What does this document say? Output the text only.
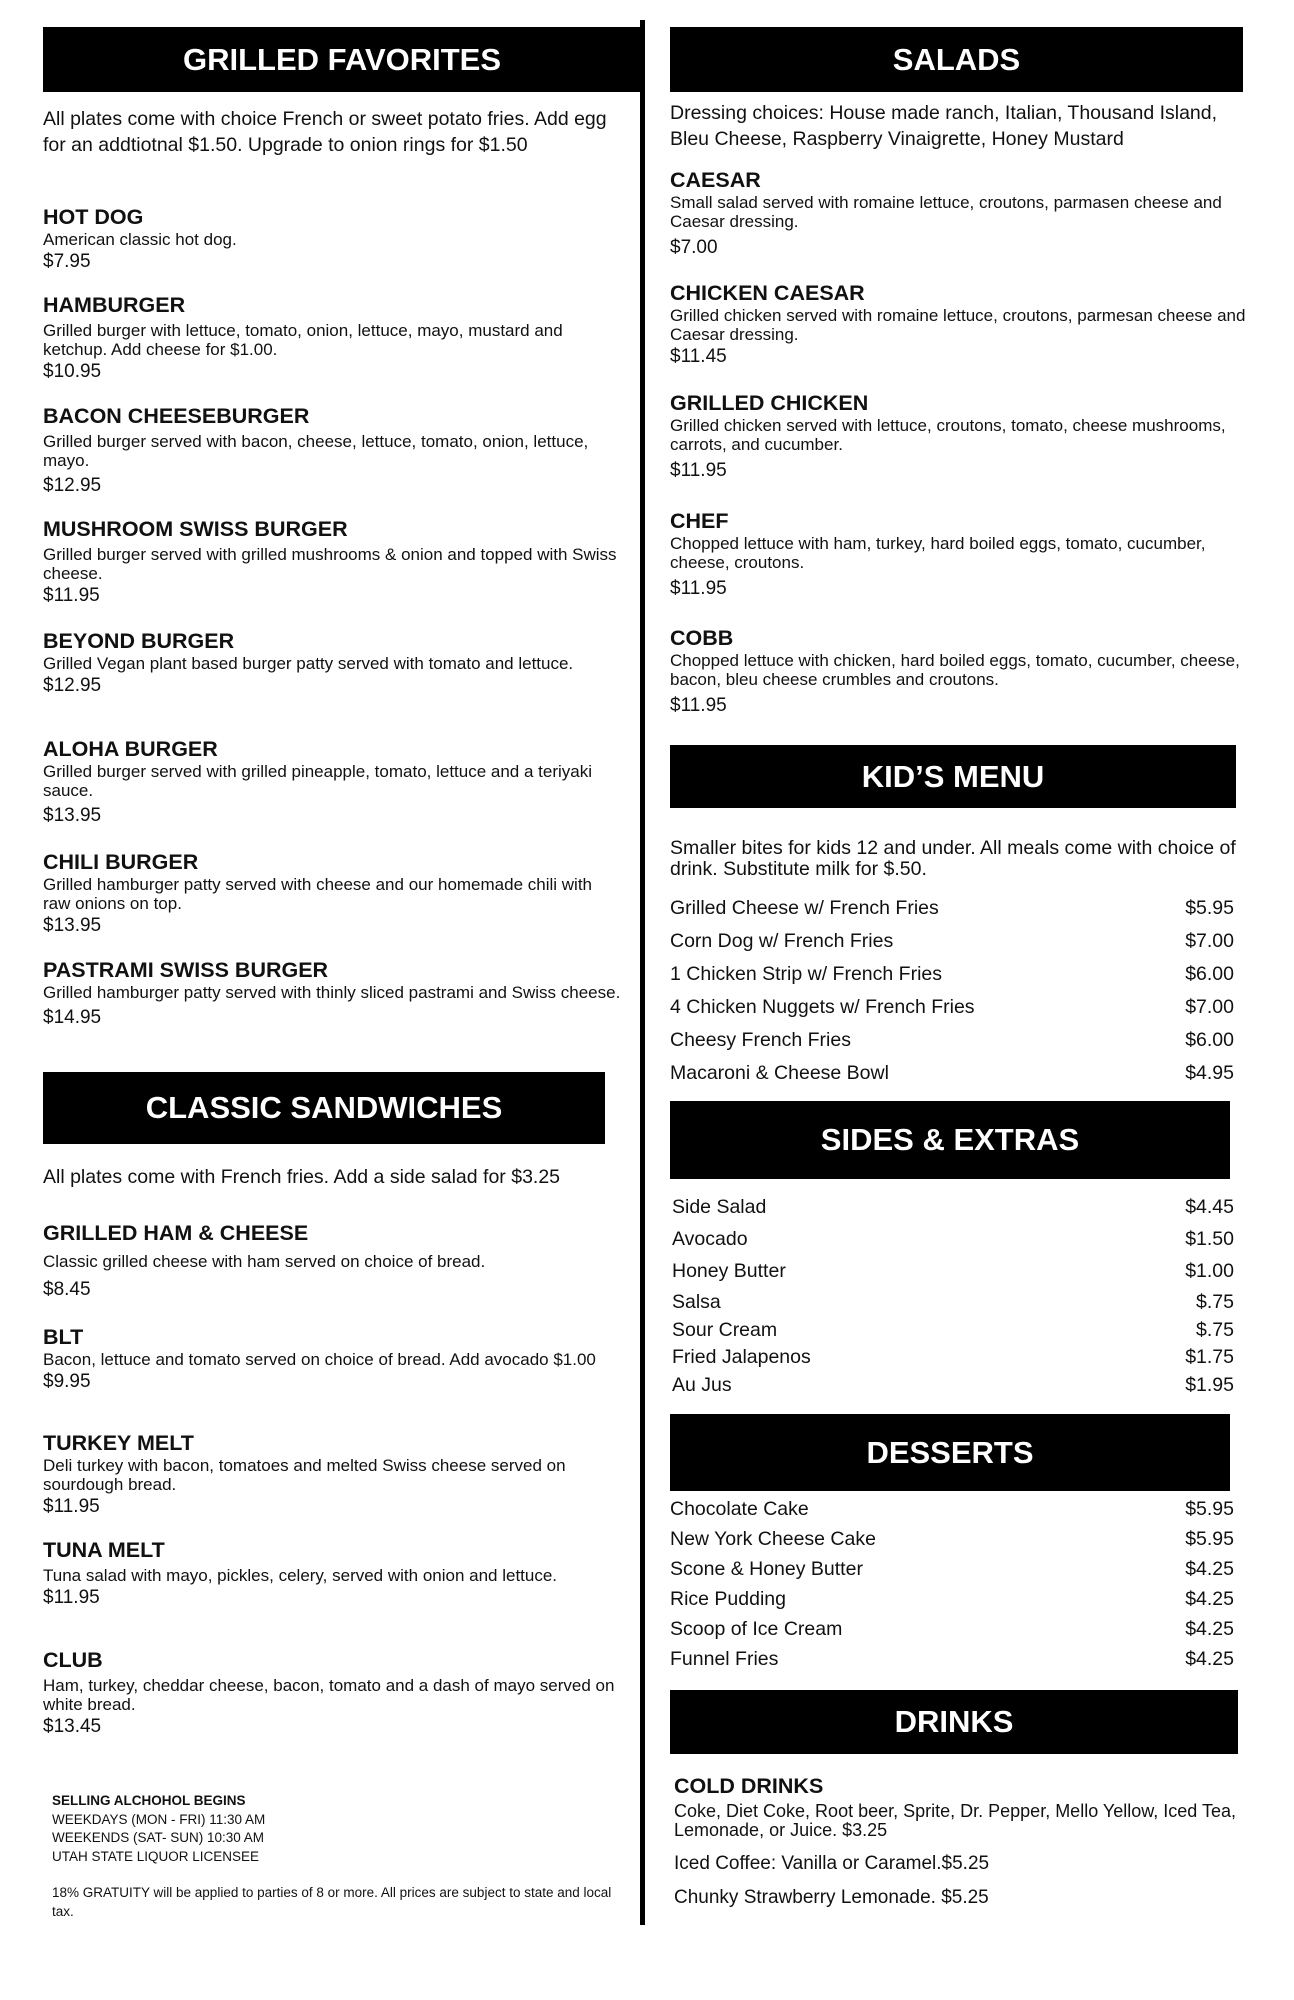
GRILLED FAVORITES
All plates come with choice French or sweet potato fries. Add egg for an addtiotnal $1.50. Upgrade to onion rings for $1.50
HOT DOG
American classic hot dog.
$7.95
HAMBURGER
Grilled burger with lettuce, tomato, onion, lettuce, mayo, mustard and ketchup. Add cheese for $1.00.
$10.95
BACON CHEESEBURGER
Grilled burger served with bacon, cheese, lettuce, tomato, onion, lettuce, mayo.
$12.95
MUSHROOM SWISS BURGER
Grilled burger served with grilled mushrooms & onion and topped with Swiss cheese.
$11.95
BEYOND BURGER
Grilled Vegan plant based burger patty served with tomato and lettuce.
$12.95
ALOHA BURGER
Grilled burger served with grilled pineapple, tomato, lettuce and a teriyaki sauce.
$13.95
CHILI BURGER
Grilled hamburger patty served with cheese and our homemade chili with raw onions on top.
$13.95
PASTRAMI SWISS BURGER
Grilled hamburger patty served with thinly sliced pastrami and Swiss cheese.
$14.95
CLASSIC SANDWICHES
All plates come with French fries. Add a side salad for $3.25
GRILLED HAM & CHEESE
Classic grilled cheese with ham served on choice of bread.
$8.45
BLT
Bacon, lettuce and tomato served on choice of bread. Add avocado $1.00
$9.95
TURKEY MELT
Deli turkey with bacon, tomatoes and melted Swiss cheese served on sourdough bread.
$11.95
TUNA MELT
Tuna salad with mayo, pickles, celery, served with onion and lettuce.
$11.95
CLUB
Ham, turkey, cheddar cheese, bacon, tomato and a dash of mayo served on white bread.
$13.45
SELLING ALCHOHOL BEGINS
WEEKDAYS (MON - FRI) 11:30 AM
WEEKENDS (SAT- SUN) 10:30 AM
UTAH STATE LIQUOR LICENSEE
18% GRATUITY will be applied to parties of 8 or more. All prices are subject to state and local tax.
SALADS
Dressing choices: House made ranch, Italian, Thousand Island, Bleu Cheese, Raspberry Vinaigrette, Honey Mustard
CAESAR
Small salad served with romaine lettuce, croutons, parmasen cheese and Caesar dressing.
$7.00
CHICKEN CAESAR
Grilled chicken served with romaine lettuce, croutons, parmesan cheese and Caesar dressing.
$11.45
GRILLED CHICKEN
Grilled chicken served with lettuce, croutons, tomato, cheese mushrooms, carrots, and cucumber.
$11.95
CHEF
Chopped lettuce with ham, turkey, hard boiled eggs, tomato, cucumber, cheese, croutons.
$11.95
COBB
Chopped lettuce with chicken, hard boiled eggs, tomato, cucumber, cheese, bacon, bleu cheese crumbles and croutons.
$11.95
KID’S MENU
Smaller bites for kids 12 and under. All meals come with choice of drink. Substitute milk for $.50.
Grilled Cheese w/ French Fries	$5.95
Corn Dog w/ French Fries	$7.00
1 Chicken Strip w/ French Fries	$6.00
4 Chicken Nuggets w/ French Fries	$7.00
Cheesy French Fries	$6.00
Macaroni & Cheese Bowl	$4.95
SIDES & EXTRAS
Side Salad	$4.45
Avocado	$1.50
Honey Butter	$1.00
Salsa	$.75
Sour Cream	$.75
Fried Jalapenos	$1.75
Au Jus	$1.95
DESSERTS
Chocolate Cake	$5.95
New York Cheese Cake	$5.95
Scone & Honey Butter	$4.25
Rice Pudding	$4.25
Scoop of Ice Cream	$4.25
Funnel Fries	$4.25
DRINKS
COLD DRINKS
Coke, Diet Coke, Root beer, Sprite, Dr. Pepper, Mello Yellow, Iced Tea, Lemonade, or Juice. $3.25
Iced Coffee: Vanilla or Caramel.$5.25
Chunky Strawberry Lemonade. $5.25
